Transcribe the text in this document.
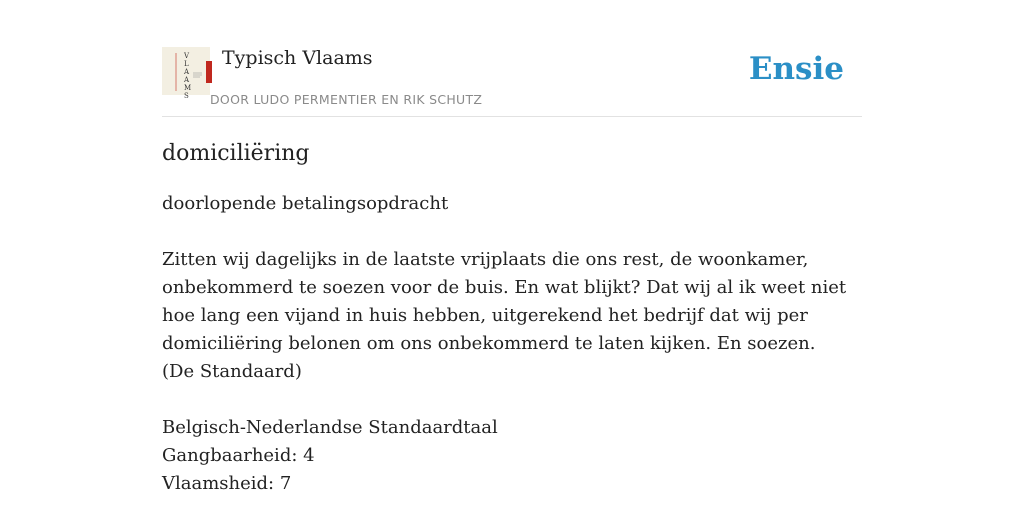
V
L
A
A
M
S
Typisch Vlaams
DOOR LUDO PERMENTIER EN RIK SCHUTZ
Ensie
domiciliëring

doorlopende betalingsopdracht

Zitten wij dagelijks in de laatste vrijplaats die ons rest, de woonkamer, onbekommerd te soezen voor de buis. En wat blijkt? Dat wij al ik weet niet hoe lang een vijand in huis hebben, uitgerekend het bedrijf dat wij per domiciliëring belonen om ons onbekommerd te laten kijken. En soezen.
(De Standaard)

Belgisch-Nederlandse Standaardtaal
Gangbaarheid: 4
Vlaamsheid: 7
